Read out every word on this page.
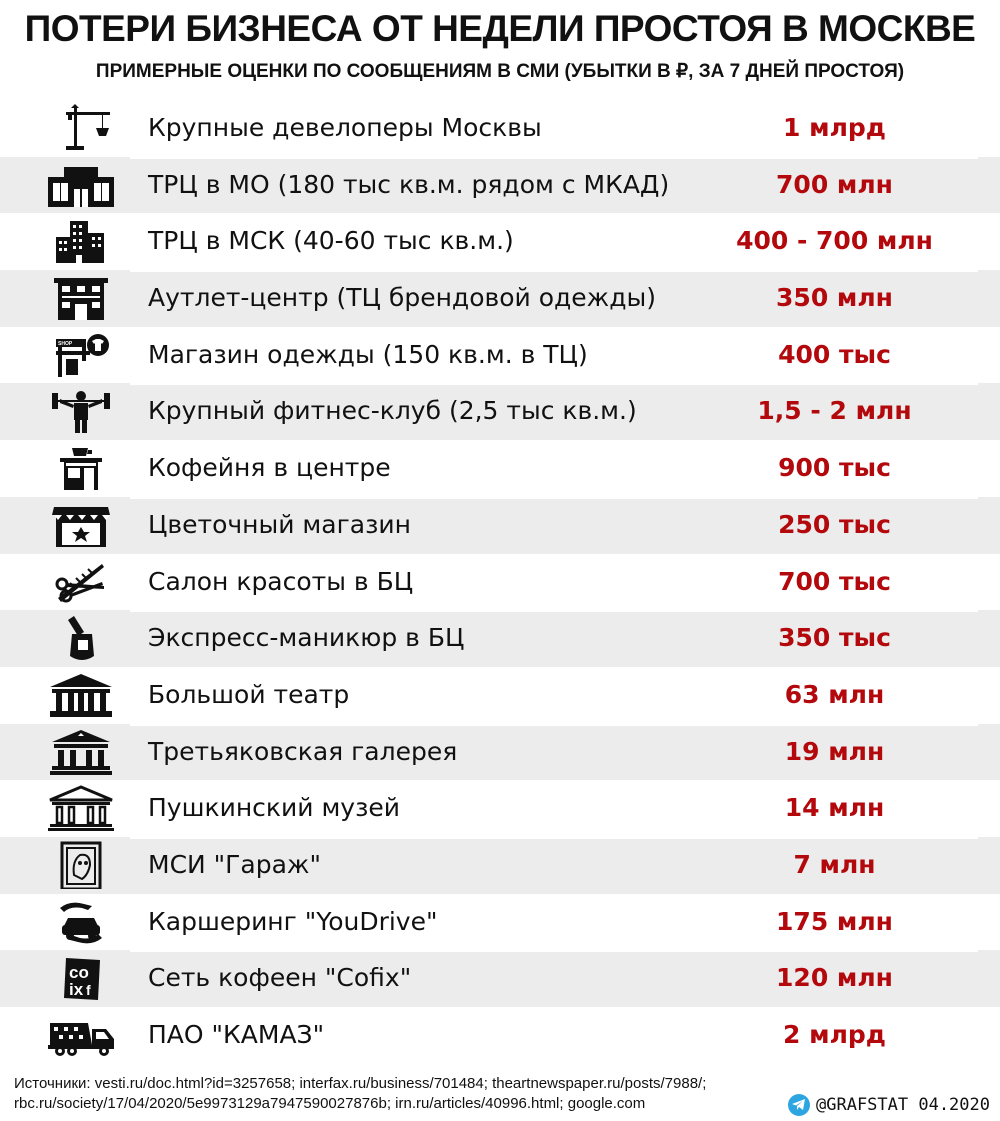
ПОТЕРИ БИЗНЕСА ОТ НЕДЕЛИ ПРОСТОЯ В МОСКВЕ
ПРИМЕРНЫЕ ОЦЕНКИ ПО СООБЩЕНИЯМ В СМИ (УБЫТКИ В ₽, ЗА 7 ДНЕЙ ПРОСТОЯ)
Крупные девелоперы Москвы	1 млрд
ТРЦ в МО (180 тыс кв.м. рядом с МКАД)	700 млн
ТРЦ в МСК (40-60 тыс кв.м.)	400 - 700 млн
Аутлет-центр (ТЦ брендовой одежды)	350 млн
SHOP	Магазин одежды (150 кв.м. в ТЦ)	400 тыс
Крупный фитнес-клуб (2,5 тыс кв.м.)	1,5 - 2 млн
Кофейня в центре	900 тыс
Цветочный магазин	250 тыс
Салон красоты в БЦ	700 тыс
Экспресс-маникюр в БЦ	350 тыс
Большой театр	63 млн
Третьяковская галерея	19 млн
Пушкинский музей	14 млн
МСИ "Гараж"	7 млн
Каршеринг "YouDrive"	175 млн
co
ix f Сеть кофеен "Cofix"	120 млн
ПАО "КАМАЗ"	2 млрд
Источники: vesti.ru/doc.html?id=3257658; interfax.ru/business/701484; theartnewspaper.ru/posts/7988/;
rbc.ru/society/17/04/2020/5e9973129a7947590027876b; irn.ru/articles/40996.html; google.com	@GRAFSTAT 04.2020
